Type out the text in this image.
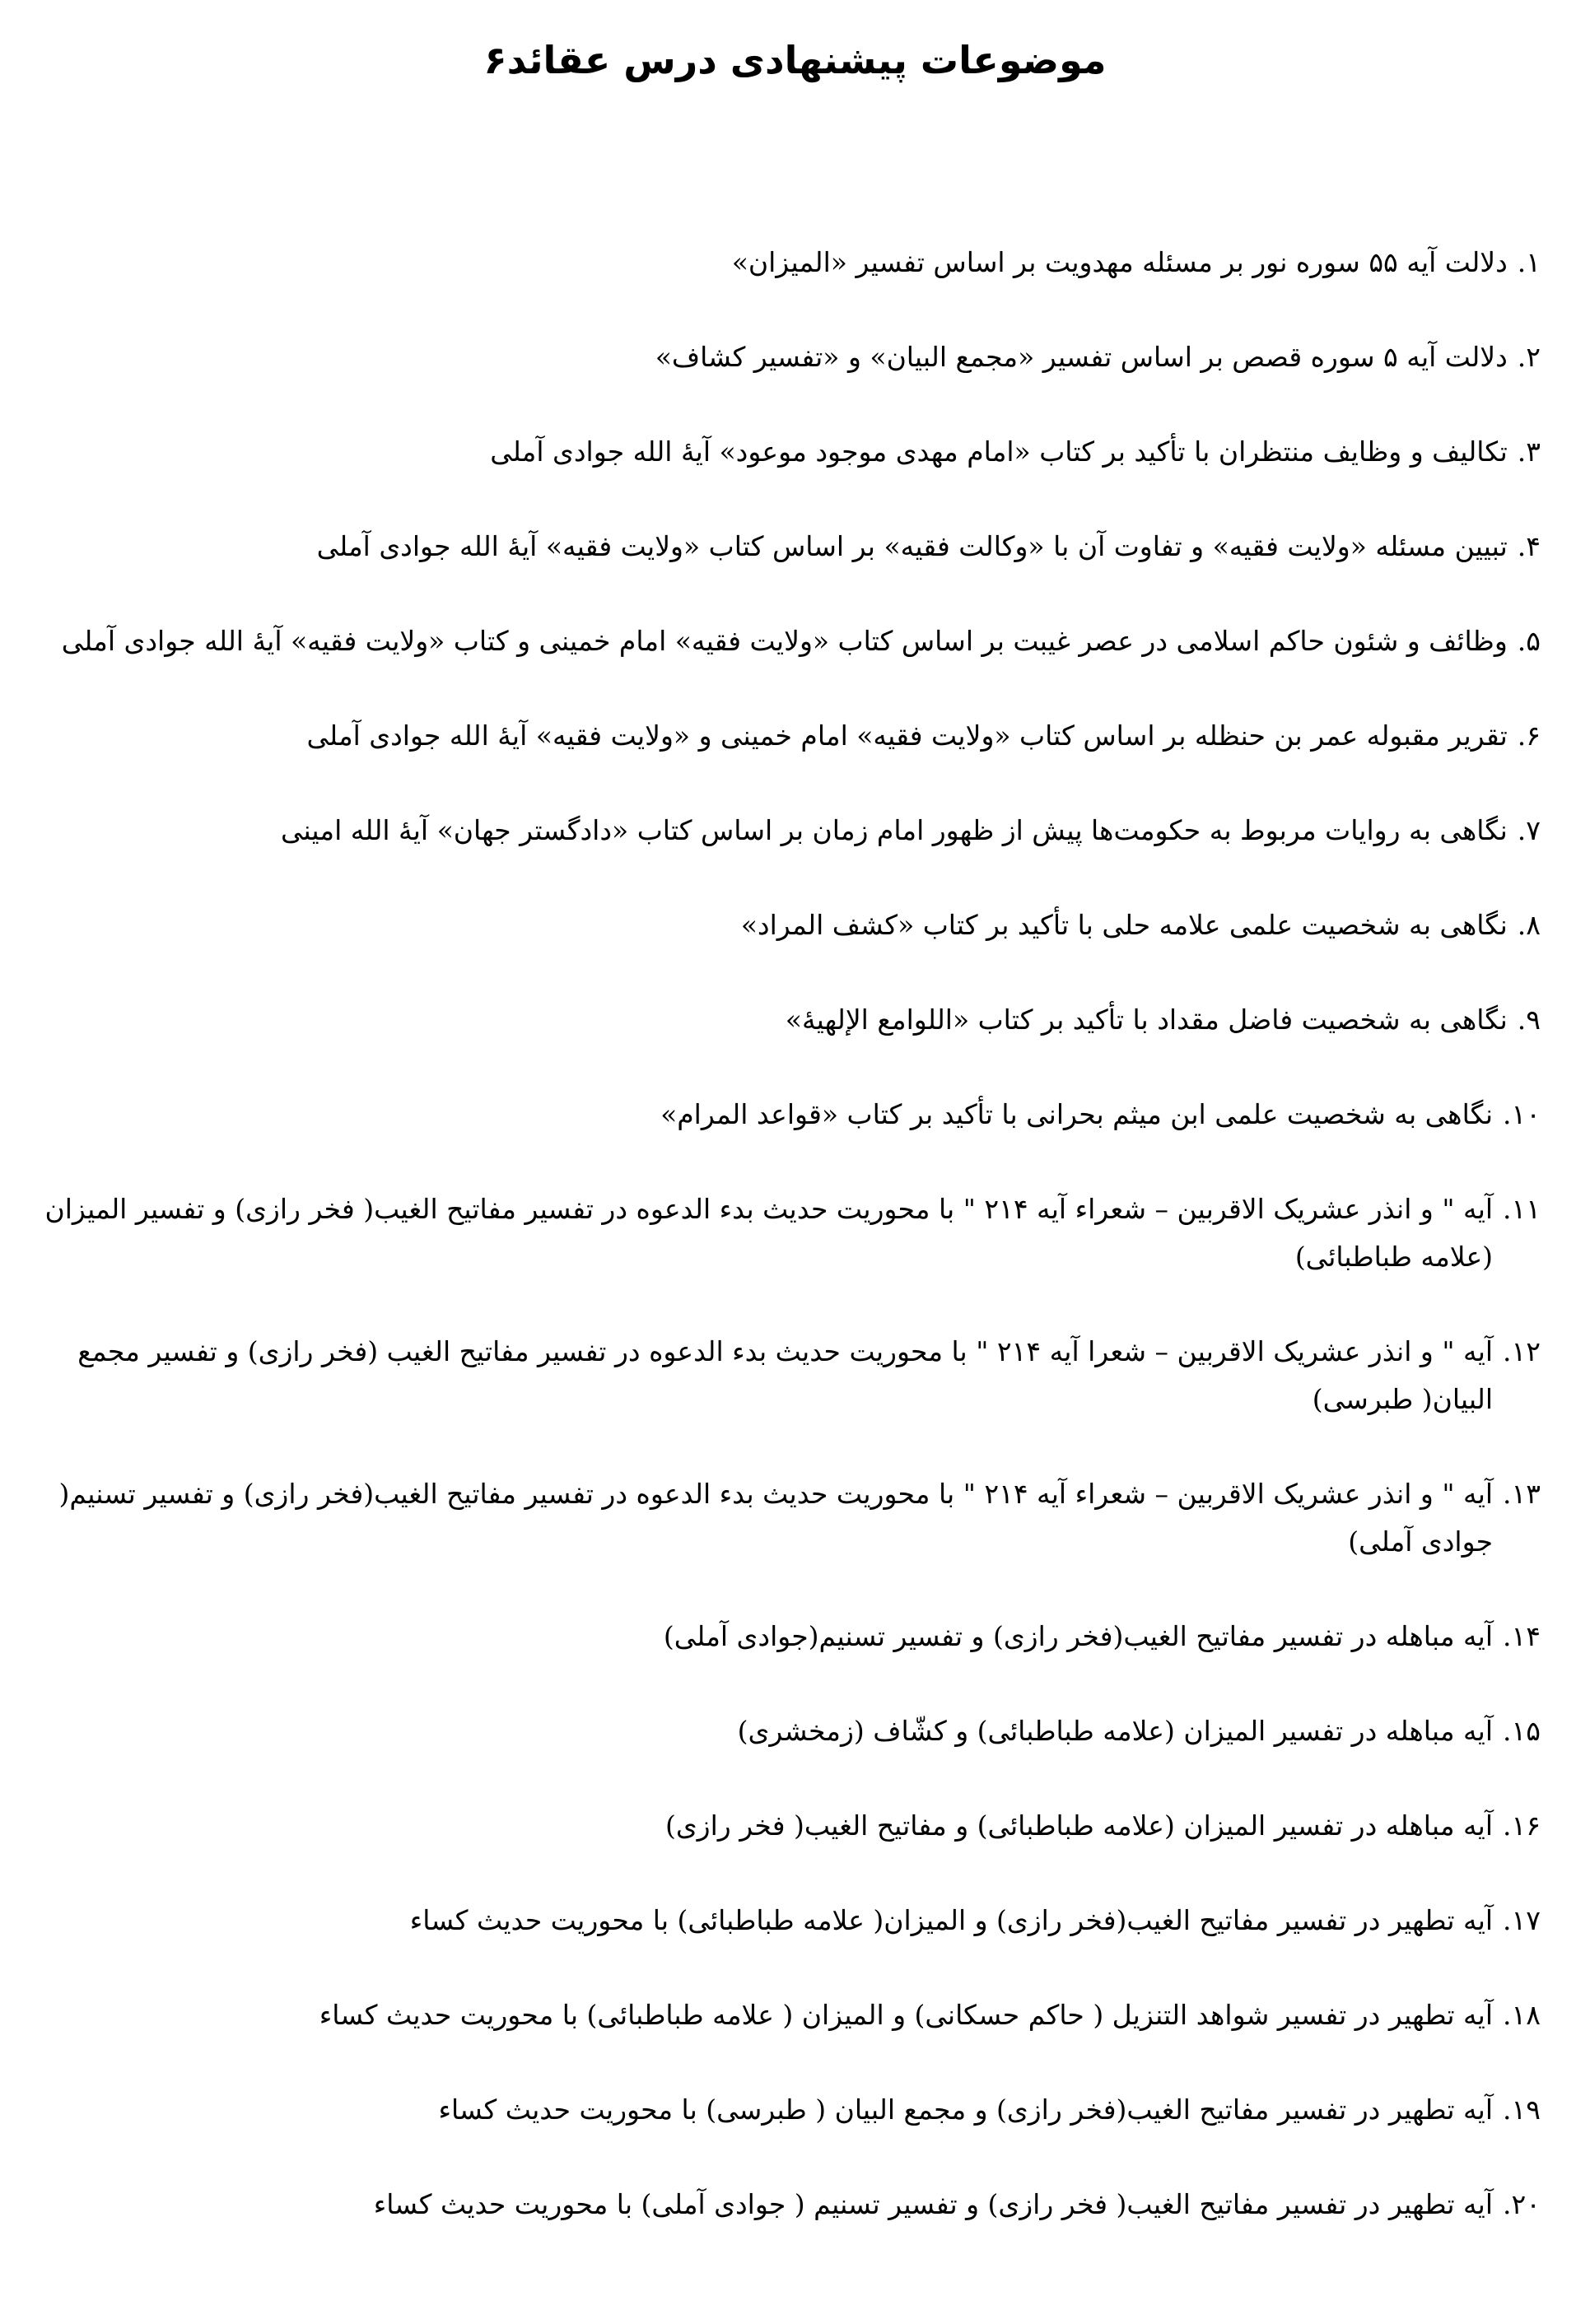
موضوعات پیشنهادی درس عقائد۶
۱.
دلالت آیه ۵۵ سوره نور بر مسئله مهدویت بر اساس تفسیر «المیزان»
۲.
دلالت آیه ۵ سوره قصص بر اساس تفسیر «مجمع البیان» و «تفسیر کشاف»
۳.
تکالیف و وظایف منتظران با تأکید بر کتاب «امام مهدی موجود موعود» آیۀ الله جوادی آملی
۴.
تبیین مسئله «ولایت فقیه» و تفاوت آن با «وکالت فقیه» بر اساس کتاب «ولایت فقیه» آیۀ الله جوادی آملی
۵.
وظائف و شئون حاکم اسلامی در عصر غیبت بر اساس کتاب «ولایت فقیه» امام خمینی و کتاب «ولایت فقیه» آیۀ الله جوادی آملی
۶.
تقریر مقبوله عمر بن حنظله بر اساس کتاب «ولایت فقیه» امام خمینی و «ولایت فقیه» آیۀ الله جوادی آملی
۷.
نگاهی به روایات مربوط به حکومت‌ها پیش از ظهور امام زمان بر اساس کتاب «دادگستر جهان» آیۀ الله امینی
۸.
نگاهی به شخصیت علمی علامه حلی با تأکید بر کتاب «کشف المراد»
۹.
نگاهی به شخصیت فاضل مقداد با تأکید بر کتاب «اللوامع الإلهیۀ»
۱۰.
نگاهی به شخصیت علمی ابن میثم بحرانی با تأکید بر کتاب «قواعد المرام»
۱۱.
آیه " و انذر عشریک الاقربین – شعراء آیه ۲۱۴ " با محوریت حدیث بدء الدعوه در تفسیر مفاتیح الغیب( فخر رازی) و تفسیر المیزان (علامه طباطبائی)
۱۲.
آیه " و انذر عشریک الاقربین – شعرا آیه ۲۱۴ " با محوریت حدیث بدء الدعوه در تفسیر مفاتیح الغیب (فخر رازی) و تفسیر مجمع البیان( طبرسی)
۱۳.
آیه " و انذر عشریک الاقربین – شعراء آیه ۲۱۴ " با محوریت حدیث بدء الدعوه در تفسیر مفاتیح الغیب(فخر رازی) و تفسیر تسنیم( جوادی آملی)
۱۴.
آیه مباهله در تفسیر مفاتیح الغیب(فخر رازی) و تفسیر تسنیم(جوادی آملی)
۱۵.
آیه مباهله در تفسیر المیزان (علامه طباطبائی) و کشّاف (زمخشری)
۱۶.
آیه مباهله در تفسیر المیزان (علامه طباطبائی) و مفاتیح الغیب( فخر رازی)
۱۷.
آیه تطهیر در تفسیر مفاتیح الغیب(فخر رازی) و المیزان( علامه طباطبائی) با محوریت حدیث کساء
۱۸.
آیه تطهیر در تفسیر شواهد التنزیل ( حاکم حسکانی) و المیزان ( علامه طباطبائی) با محوریت حدیث کساء
۱۹.
آیه تطهیر در تفسیر مفاتیح الغیب(فخر رازی) و مجمع البیان ( طبرسی) با محوریت حدیث کساء
۲۰.
آیه تطهیر در تفسیر مفاتیح الغیب( فخر رازی) و تفسیر تسنیم ( جوادی آملی) با محوریت حدیث کساء
